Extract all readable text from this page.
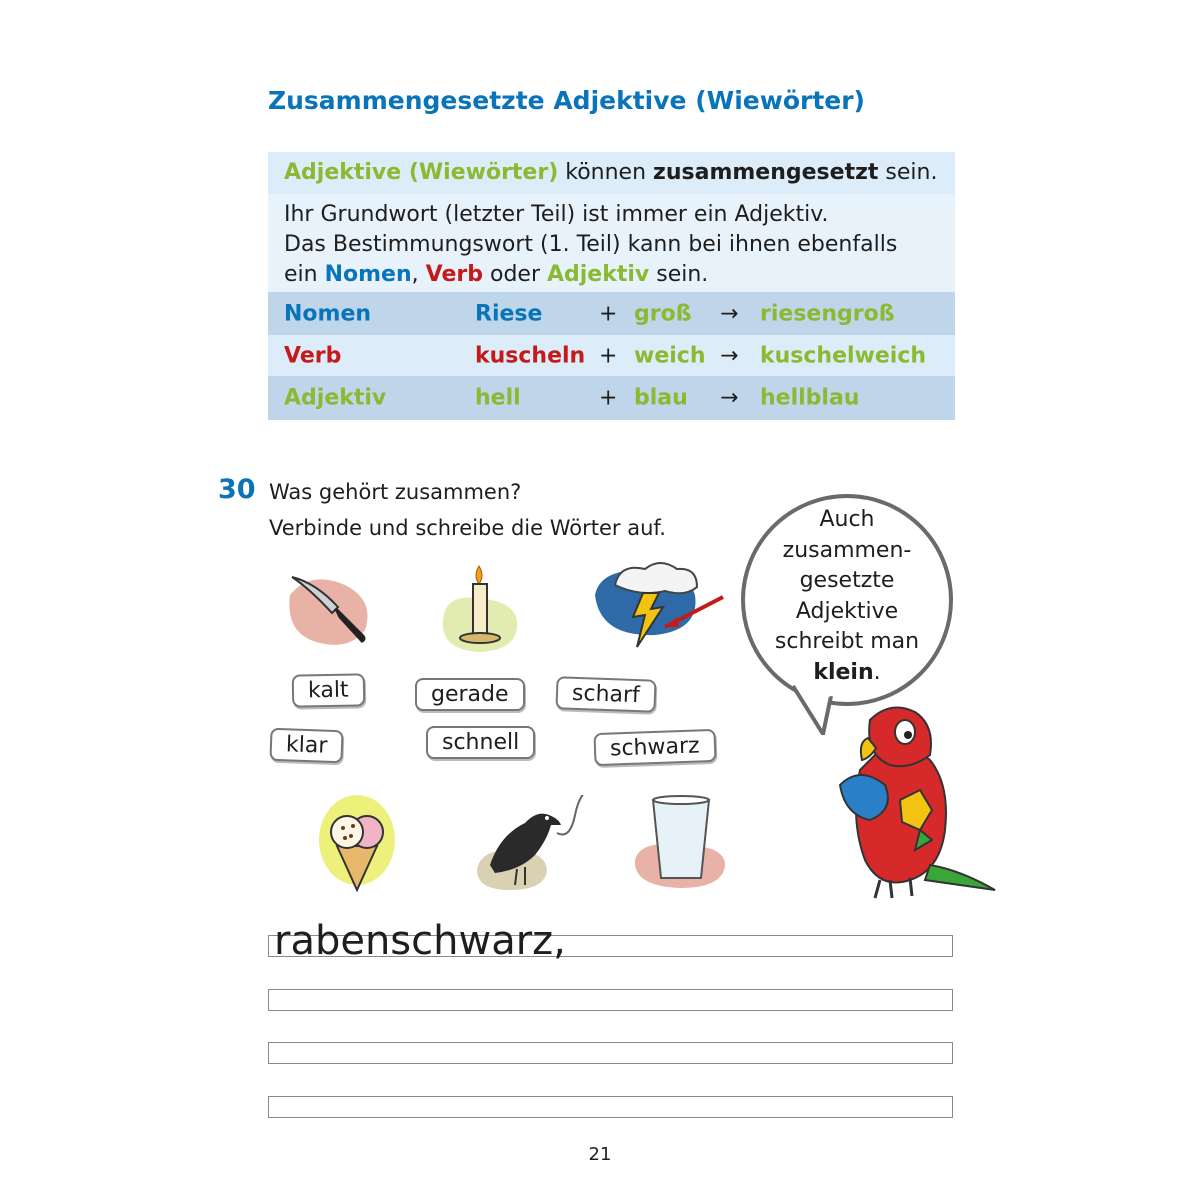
Zusammengesetzte Adjektive (Wiewörter)
Adjektive (Wiewörter) können zusammengesetzt sein.
Ihr Grundwort (letzter Teil) ist immer ein Adjektiv.
Das Bestimmungswort (1. Teil) kann bei ihnen ebenfalls
ein Nomen, Verb oder Adjektiv sein.
Nomen	Riese	+ groß → riesengroß
Verb	kuscheln + weich → kuschelweich
Adjektiv	hell	+ blau → hellblau
30 Was gehört zusammen?
Verbinde und schreibe die Wörter auf.	Auch
zusammen-
gesetzte
Adjektive
schreibt man
klein.
kalt	gerade	scharf
klar	schnell	schwarz
rabenschwarz,
21
